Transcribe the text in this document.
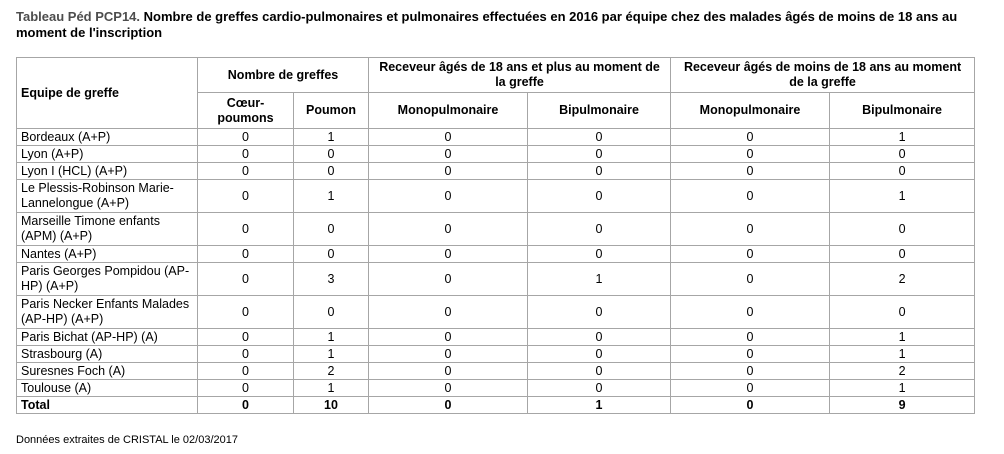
Tableau Péd PCP14. Nombre de greffes cardio-pulmonaires et pulmonaires effectuées en 2016 par équipe chez des malades âgés de moins de 18 ans au moment de l'inscription
Equipe de greffe	Nombre de greffes		Receveur âgés de 18 ans et plus au moment de la greffe		Receveur âgés de moins de 18 ans au moment de la greffe	
	Cœur-poumons	Poumon	Monopulmonaire	Bipulmonaire	Monopulmonaire	Bipulmonaire
Bordeaux (A+P)	0	1	0	0	0	1
Lyon (A+P)	0	0	0	0	0	0
Lyon I (HCL) (A+P)	0	0	0	0	0	0
Le Plessis-Robinson Marie-Lannelongue (A+P)	0	1	0	0	0	1
Marseille Timone enfants (APM) (A+P)	0	0	0	0	0	0
Nantes (A+P)	0	0	0	0	0	0
Paris Georges Pompidou (AP-HP) (A+P)	0	3	0	1	0	2
Paris Necker Enfants Malades (AP-HP) (A+P)	0	0	0	0	0	0
Paris Bichat (AP-HP) (A)	0	1	0	0	0	1
Strasbourg (A)	0	1	0	0	0	1
Suresnes Foch (A)	0	2	0	0	0	2
Toulouse (A)	0	1	0	0	0	1
Total	0	10	0	1	0	9
Données extraites de CRISTAL le 02/03/2017
